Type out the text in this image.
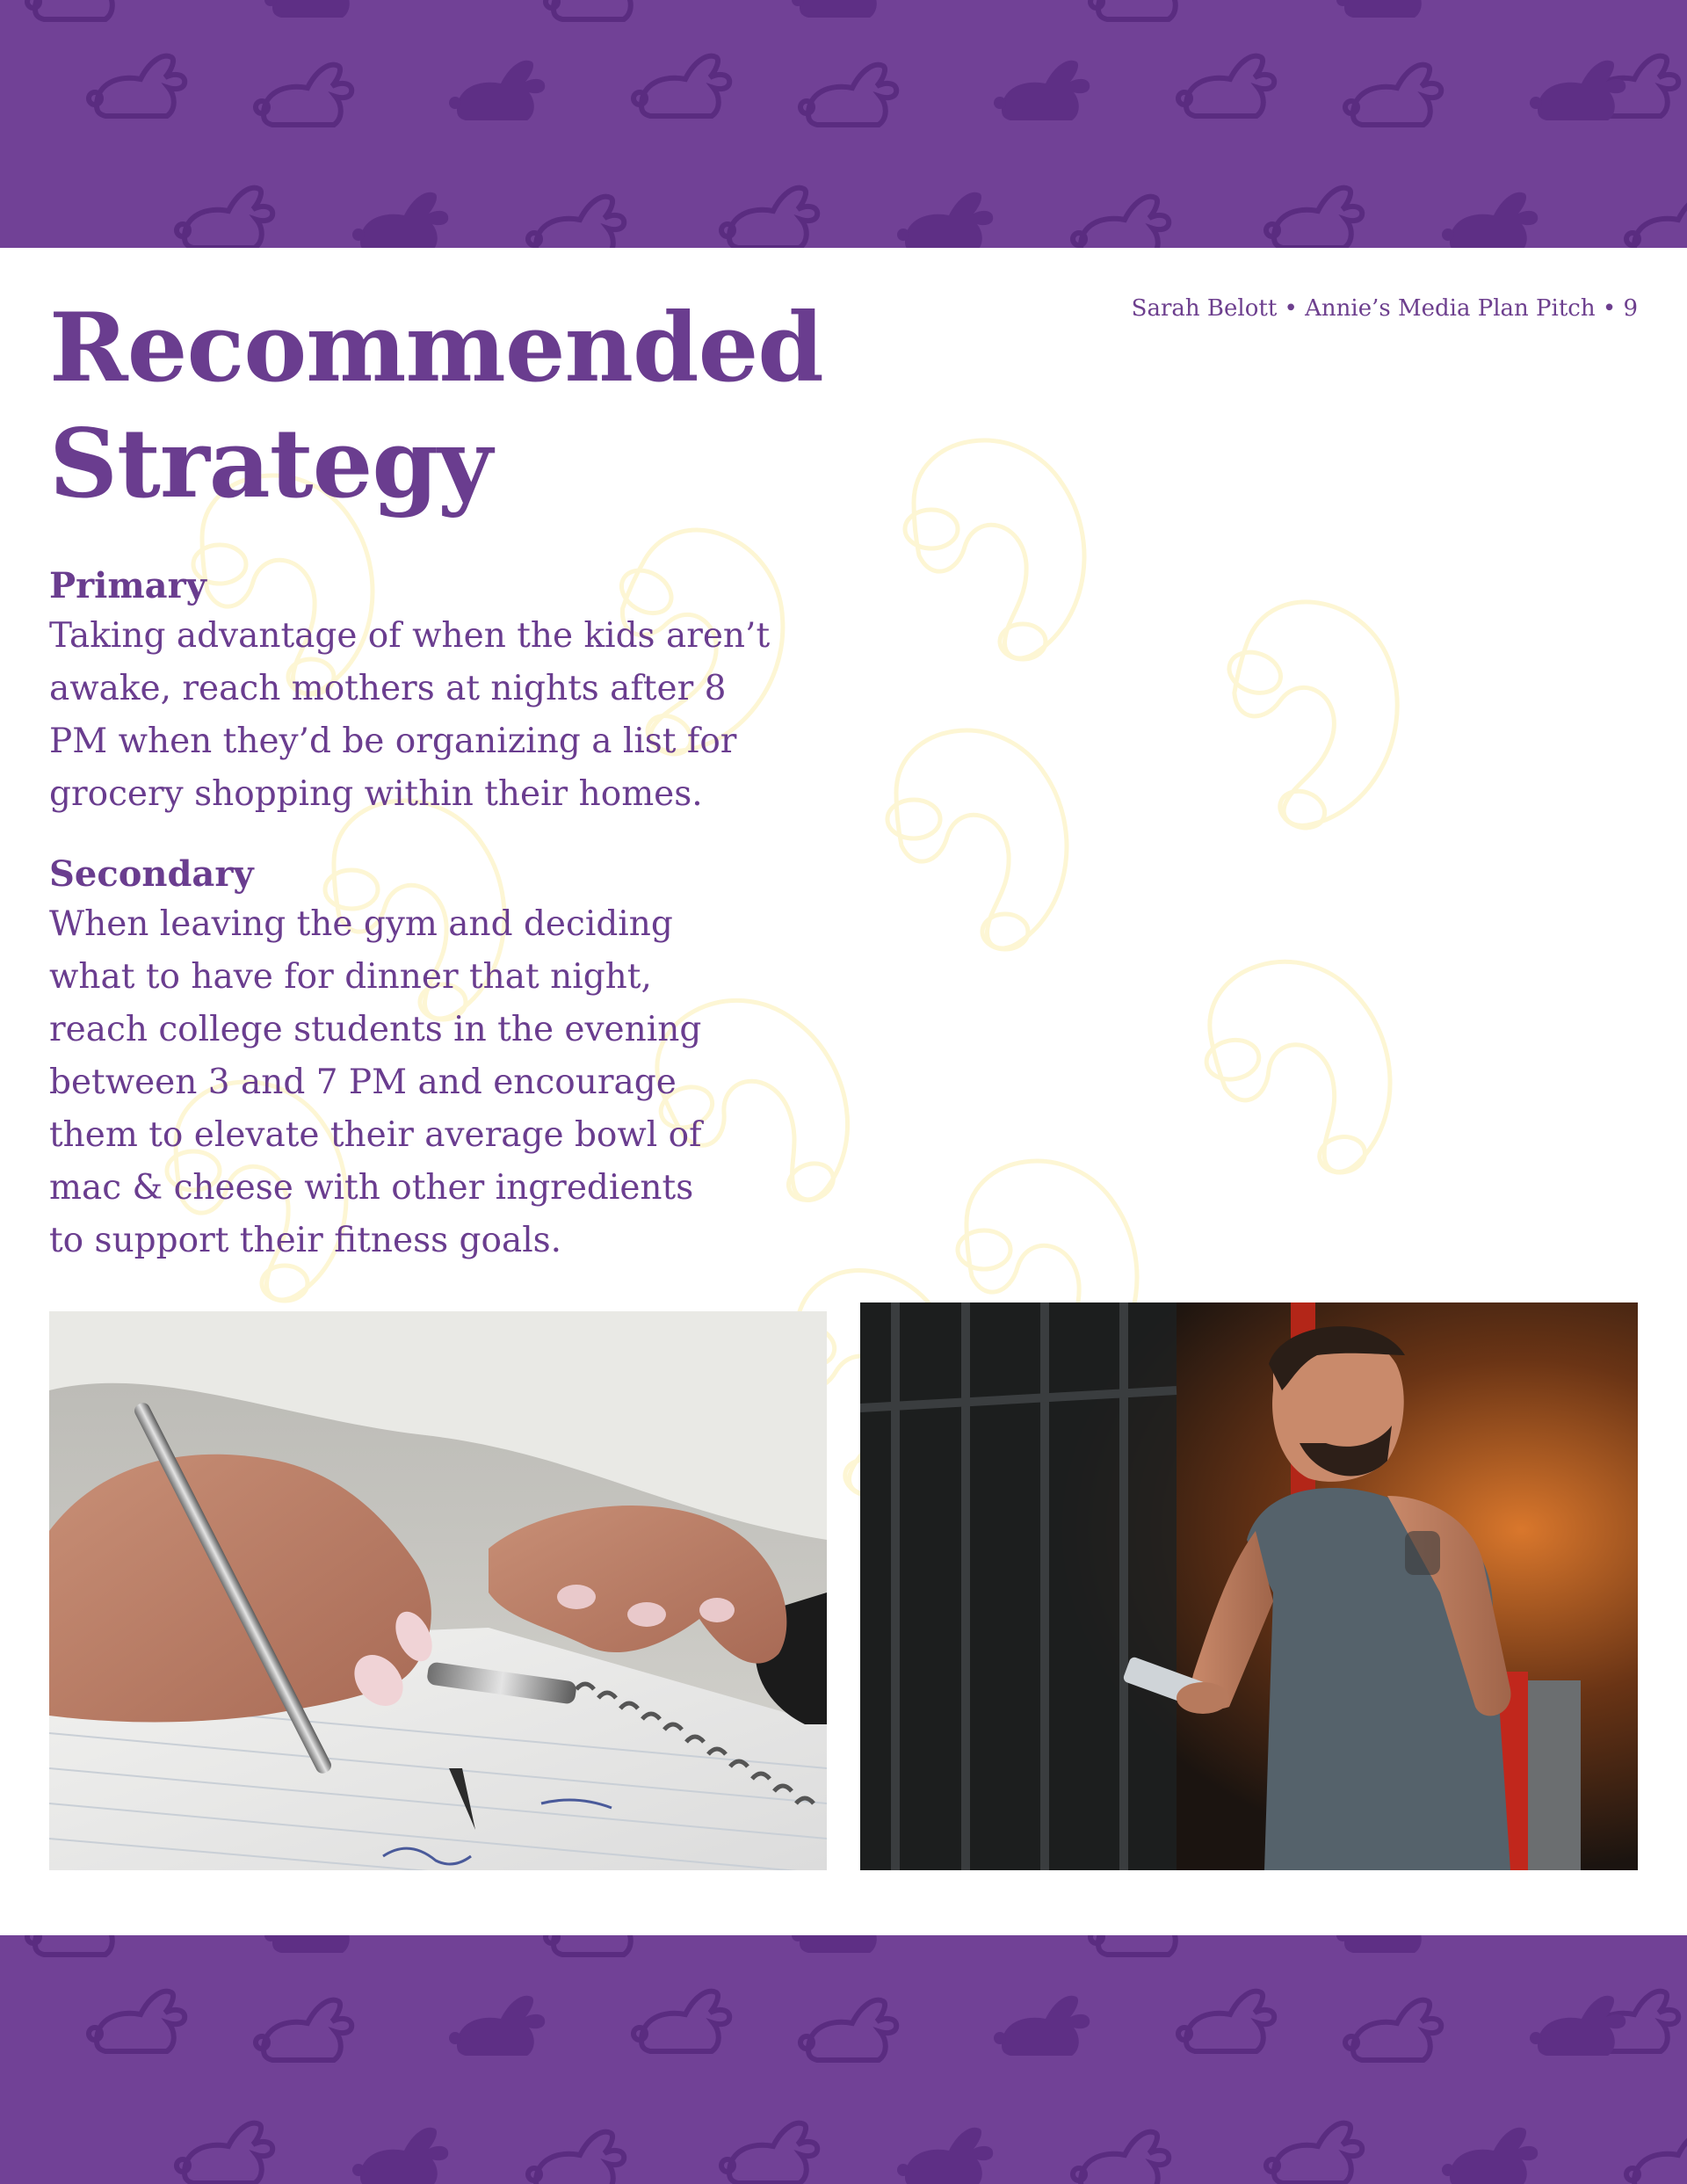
Sarah Belott • Annie’s Media Plan Pitch • 9
Recommended
Strategy
Primary

Taking advantage of when the kids aren’t
awake, reach mothers at nights after 8
PM when they’d be organizing a list for
grocery shopping within their homes.

Secondary

When leaving the gym and deciding
what to have for dinner that night,
reach college students in the evening
between 3 and 7 PM and encourage
them to elevate their average bowl of
mac & cheese with other ingredients
to support their fitness goals.
